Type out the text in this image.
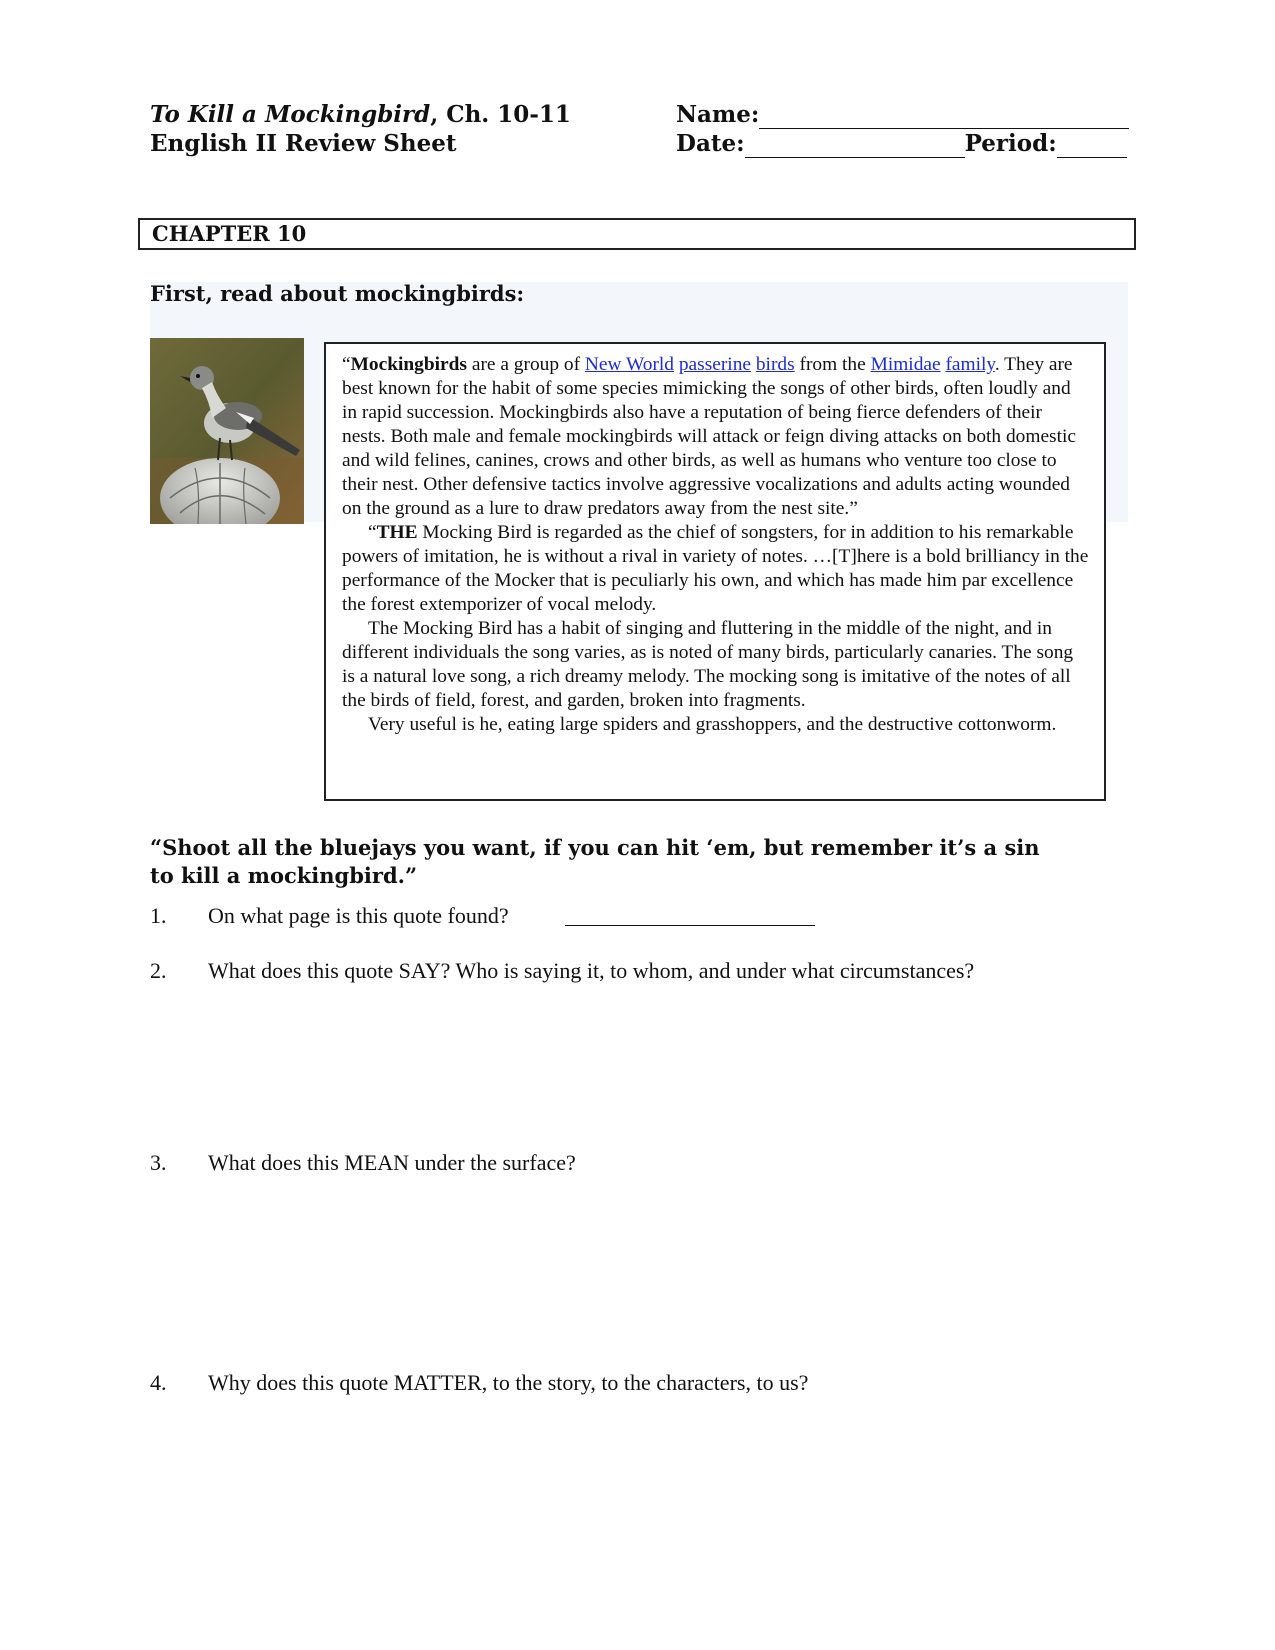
To Kill a Mockingbird, Ch. 10-11
English II Review Sheet
Name:
Date:	Period:
CHAPTER 10
First, read about mockingbirds:

“Mockingbirds are a group of New World passerine birds from the Mimidae family. They are best known for the habit of some species mimicking the songs of other birds, often loudly and in rapid succession. Mockingbirds also have a reputation of being fierce defenders of their nests. Both male and female mockingbirds will attack or feign diving attacks on both domestic and wild felines, canines, crows and other birds, as well as humans who venture too close to their nest. Other defensive tactics involve aggressive vocalizations and adults acting wounded on the ground as a lure to draw predators away from the nest site.”

“THE Mocking Bird is regarded as the chief of songsters, for in addition to his remarkable powers of imitation, he is without a rival in variety of notes. …[T]here is a bold brilliancy in the performance of the Mocker that is peculiarly his own, and which has made him par excellence the forest extemporizer of vocal melody.

The Mocking Bird has a habit of singing and fluttering in the middle of the night, and in different individuals the song varies, as is noted of many birds, particularly canaries. The song is a natural love song, a rich dreamy melody. The mocking song is imitative of the notes of all the birds of field, forest, and garden, broken into fragments.

Very useful is he, eating large spiders and grasshoppers, and the destructive cottonworm.

“Shoot all the bluejays you want, if you can hit ‘em, but remember it’s a sin to kill a mockingbird.”
1.	On what page is this quote found?
2.	What does this quote SAY? Who is saying it, to whom, and under what circumstances?
3.	What does this MEAN under the surface?
4.	Why does this quote MATTER, to the story, to the characters, to us?
